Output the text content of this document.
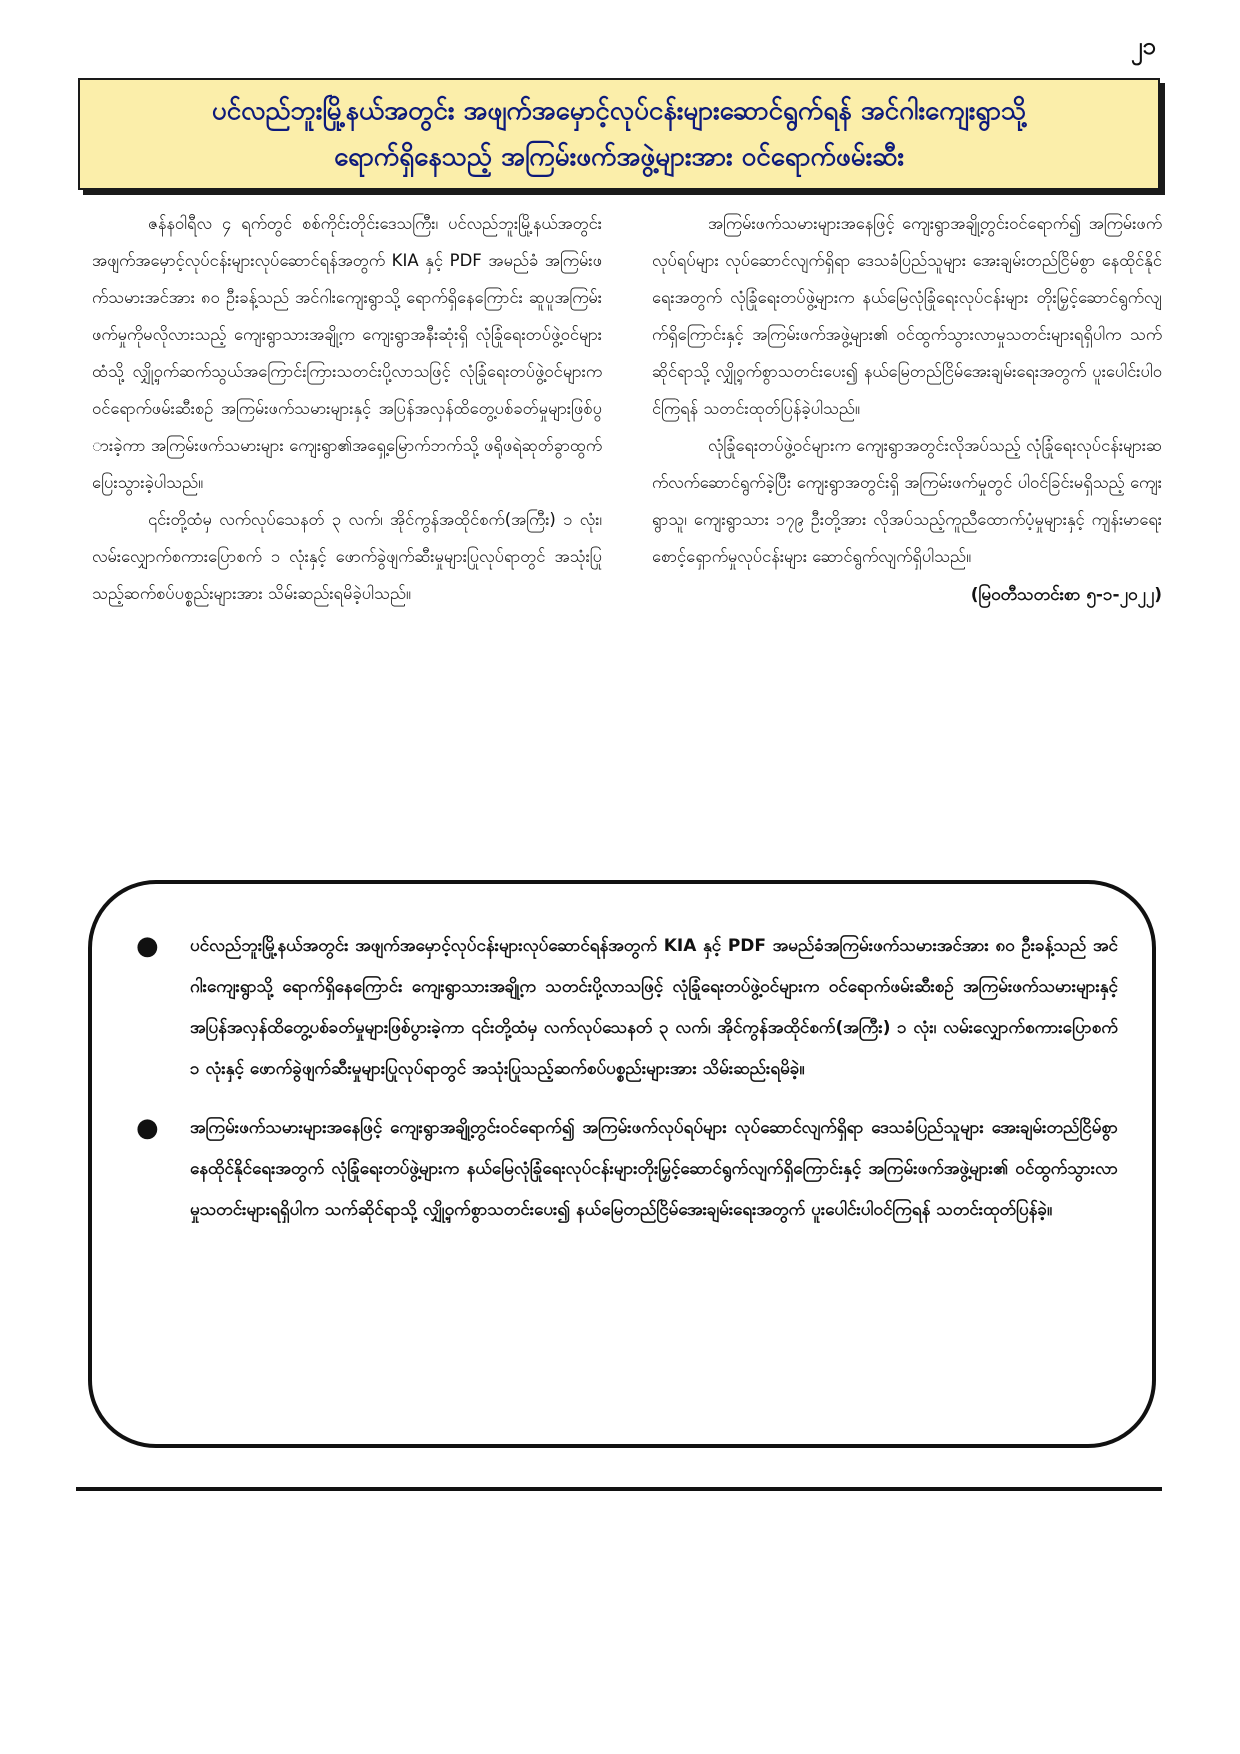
၂၁
ပင်လည်ဘူးမြို့နယ်အတွင်း အဖျက်အမှောင့်လုပ်ငန်းများဆောင်ရွက်ရန် အင်ဂါးကျေးရွာသို့
ရောက်ရှိနေသည့် အကြမ်းဖက်အဖွဲ့များအား ဝင်ရောက်ဖမ်းဆီး

ဇန်နဝါရီလ ၄ ရက်တွင် စစ်ကိုင်းတိုင်းဒေသကြီး၊ ပင်လည်ဘူးမြို့နယ်အတွင်း အဖျက်အမှောင့်လုပ်ငန်းများလုပ်ဆောင်ရန်အတွက် KIA နှင့် PDF အမည်ခံ အကြမ်းဖက်သမားအင်အား ၈၀ ဦးခန့်သည် အင်ဂါးကျေးရွာသို့ ရောက်ရှိနေကြောင်း ဆူပူအကြမ်းဖက်မှုကိုမလိုလားသည့် ကျေးရွာသားအချို့က ကျေးရွာအနီးဆုံးရှိ လုံခြုံရေးတပ်ဖွဲ့ဝင်များထံသို့ လျှို့ဝှက်ဆက်သွယ်အကြောင်းကြားသတင်းပို့လာသဖြင့် လုံခြုံရေးတပ်ဖွဲ့ဝင်များက ဝင်ရောက်ဖမ်းဆီးစဉ် အကြမ်းဖက်သမားများနှင့် အပြန်အလှန်ထိတွေ့ပစ်ခတ်မှုများဖြစ်ပွားခဲ့ကာ အကြမ်းဖက်သမားများ ကျေးရွာ၏အရှေ့မြောက်ဘက်သို့ ဖရိုဖရဲဆုတ်ခွာထွက်ပြေးသွားခဲ့ပါသည်။

၎င်းတို့ထံမှ လက်လုပ်သေနတ် ၃ လက်၊ အိုင်ကွန်အထိုင်စက်(အကြီး) ၁ လုံး၊ လမ်းလျှောက်စကားပြောစက် ၁ လုံးနှင့် ဖောက်ခွဲဖျက်ဆီးမှုများပြုလုပ်ရာတွင် အသုံးပြုသည့်ဆက်စပ်ပစ္စည်းများအား သိမ်းဆည်းရမိခဲ့ပါသည်။

အကြမ်းဖက်သမားများအနေဖြင့် ကျေးရွာအချို့တွင်းဝင်ရောက်၍ အကြမ်းဖက်လုပ်ရပ်များ လုပ်ဆောင်လျက်ရှိရာ ဒေသခံပြည်သူများ အေးချမ်းတည်ငြိမ်စွာ နေထိုင်နိုင်ရေးအတွက် လုံခြုံရေးတပ်ဖွဲ့များက နယ်မြေလုံခြုံရေးလုပ်ငန်းများ တိုးမြှင့်ဆောင်ရွက်လျက်ရှိကြောင်းနှင့် အကြမ်းဖက်အဖွဲ့များ၏ ဝင်ထွက်သွားလာမှုသတင်းများရရှိပါက သက်ဆိုင်ရာသို့ လျှို့ဝှက်စွာသတင်းပေး၍ နယ်မြေတည်ငြိမ်အေးချမ်းရေးအတွက် ပူးပေါင်းပါဝင်ကြရန် သတင်းထုတ်ပြန်ခဲ့ပါသည်။

လုံခြုံရေးတပ်ဖွဲ့ဝင်များက ကျေးရွာအတွင်းလိုအပ်သည့် လုံခြုံရေးလုပ်ငန်းများဆက်လက်ဆောင်ရွက်ခဲ့ပြီး ကျေးရွာအတွင်းရှိ အကြမ်းဖက်မှုတွင် ပါဝင်ခြင်းမရှိသည့် ကျေးရွာသူ၊ ကျေးရွာသား ၁၇၉ ဦးတို့အား လိုအပ်သည့်ကူညီထောက်ပံ့မှုများနှင့် ကျန်းမာရေးစောင့်ရှောက်မှုလုပ်ငန်းများ ဆောင်ရွက်လျက်ရှိပါသည်။

(မြဝတီသတင်းစာ ၅-၁-၂၀၂၂)
●	ပင်လည်ဘူးမြို့နယ်အတွင်း အဖျက်အမှောင့်လုပ်ငန်းများလုပ်ဆောင်ရန်အတွက် KIA နှင့် PDF အမည်ခံအကြမ်းဖက်သမားအင်အား ၈၀ ဦးခန့်သည် အင်ဂါးကျေးရွာသို့ ရောက်ရှိနေကြောင်း ကျေးရွာသားအချို့က သတင်းပို့လာသဖြင့် လုံခြုံရေးတပ်ဖွဲ့ဝင်များက ဝင်ရောက်ဖမ်းဆီးစဉ် အကြမ်းဖက်သမားများနှင့် အပြန်အလှန်ထိတွေ့ပစ်ခတ်မှုများဖြစ်ပွားခဲ့ကာ ၎င်းတို့ထံမှ လက်လုပ်သေနတ် ၃ လက်၊ အိုင်ကွန်အထိုင်စက်(အကြီး) ၁ လုံး၊ လမ်းလျှောက်စကားပြောစက် ၁ လုံးနှင့် ဖောက်ခွဲဖျက်ဆီးမှုများပြုလုပ်ရာတွင် အသုံးပြုသည့်ဆက်စပ်ပစ္စည်းများအား သိမ်းဆည်းရမိခဲ့။
●	အကြမ်းဖက်သမားများအနေဖြင့် ကျေးရွာအချို့တွင်းဝင်ရောက်၍ အကြမ်းဖက်လုပ်ရပ်များ လုပ်ဆောင်လျက်ရှိရာ ဒေသခံပြည်သူများ အေးချမ်းတည်ငြိမ်စွာ နေထိုင်နိုင်ရေးအတွက် လုံခြုံရေးတပ်ဖွဲ့များက နယ်မြေလုံခြုံရေးလုပ်ငန်းများတိုးမြှင့်ဆောင်ရွက်လျက်ရှိကြောင်းနှင့် အကြမ်းဖက်အဖွဲ့များ၏ ဝင်ထွက်သွားလာမှုသတင်းများရရှိပါက သက်ဆိုင်ရာသို့ လျှို့ဝှက်စွာသတင်းပေး၍ နယ်မြေတည်ငြိမ်အေးချမ်းရေးအတွက် ပူးပေါင်းပါဝင်ကြရန် သတင်းထုတ်ပြန်ခဲ့။
